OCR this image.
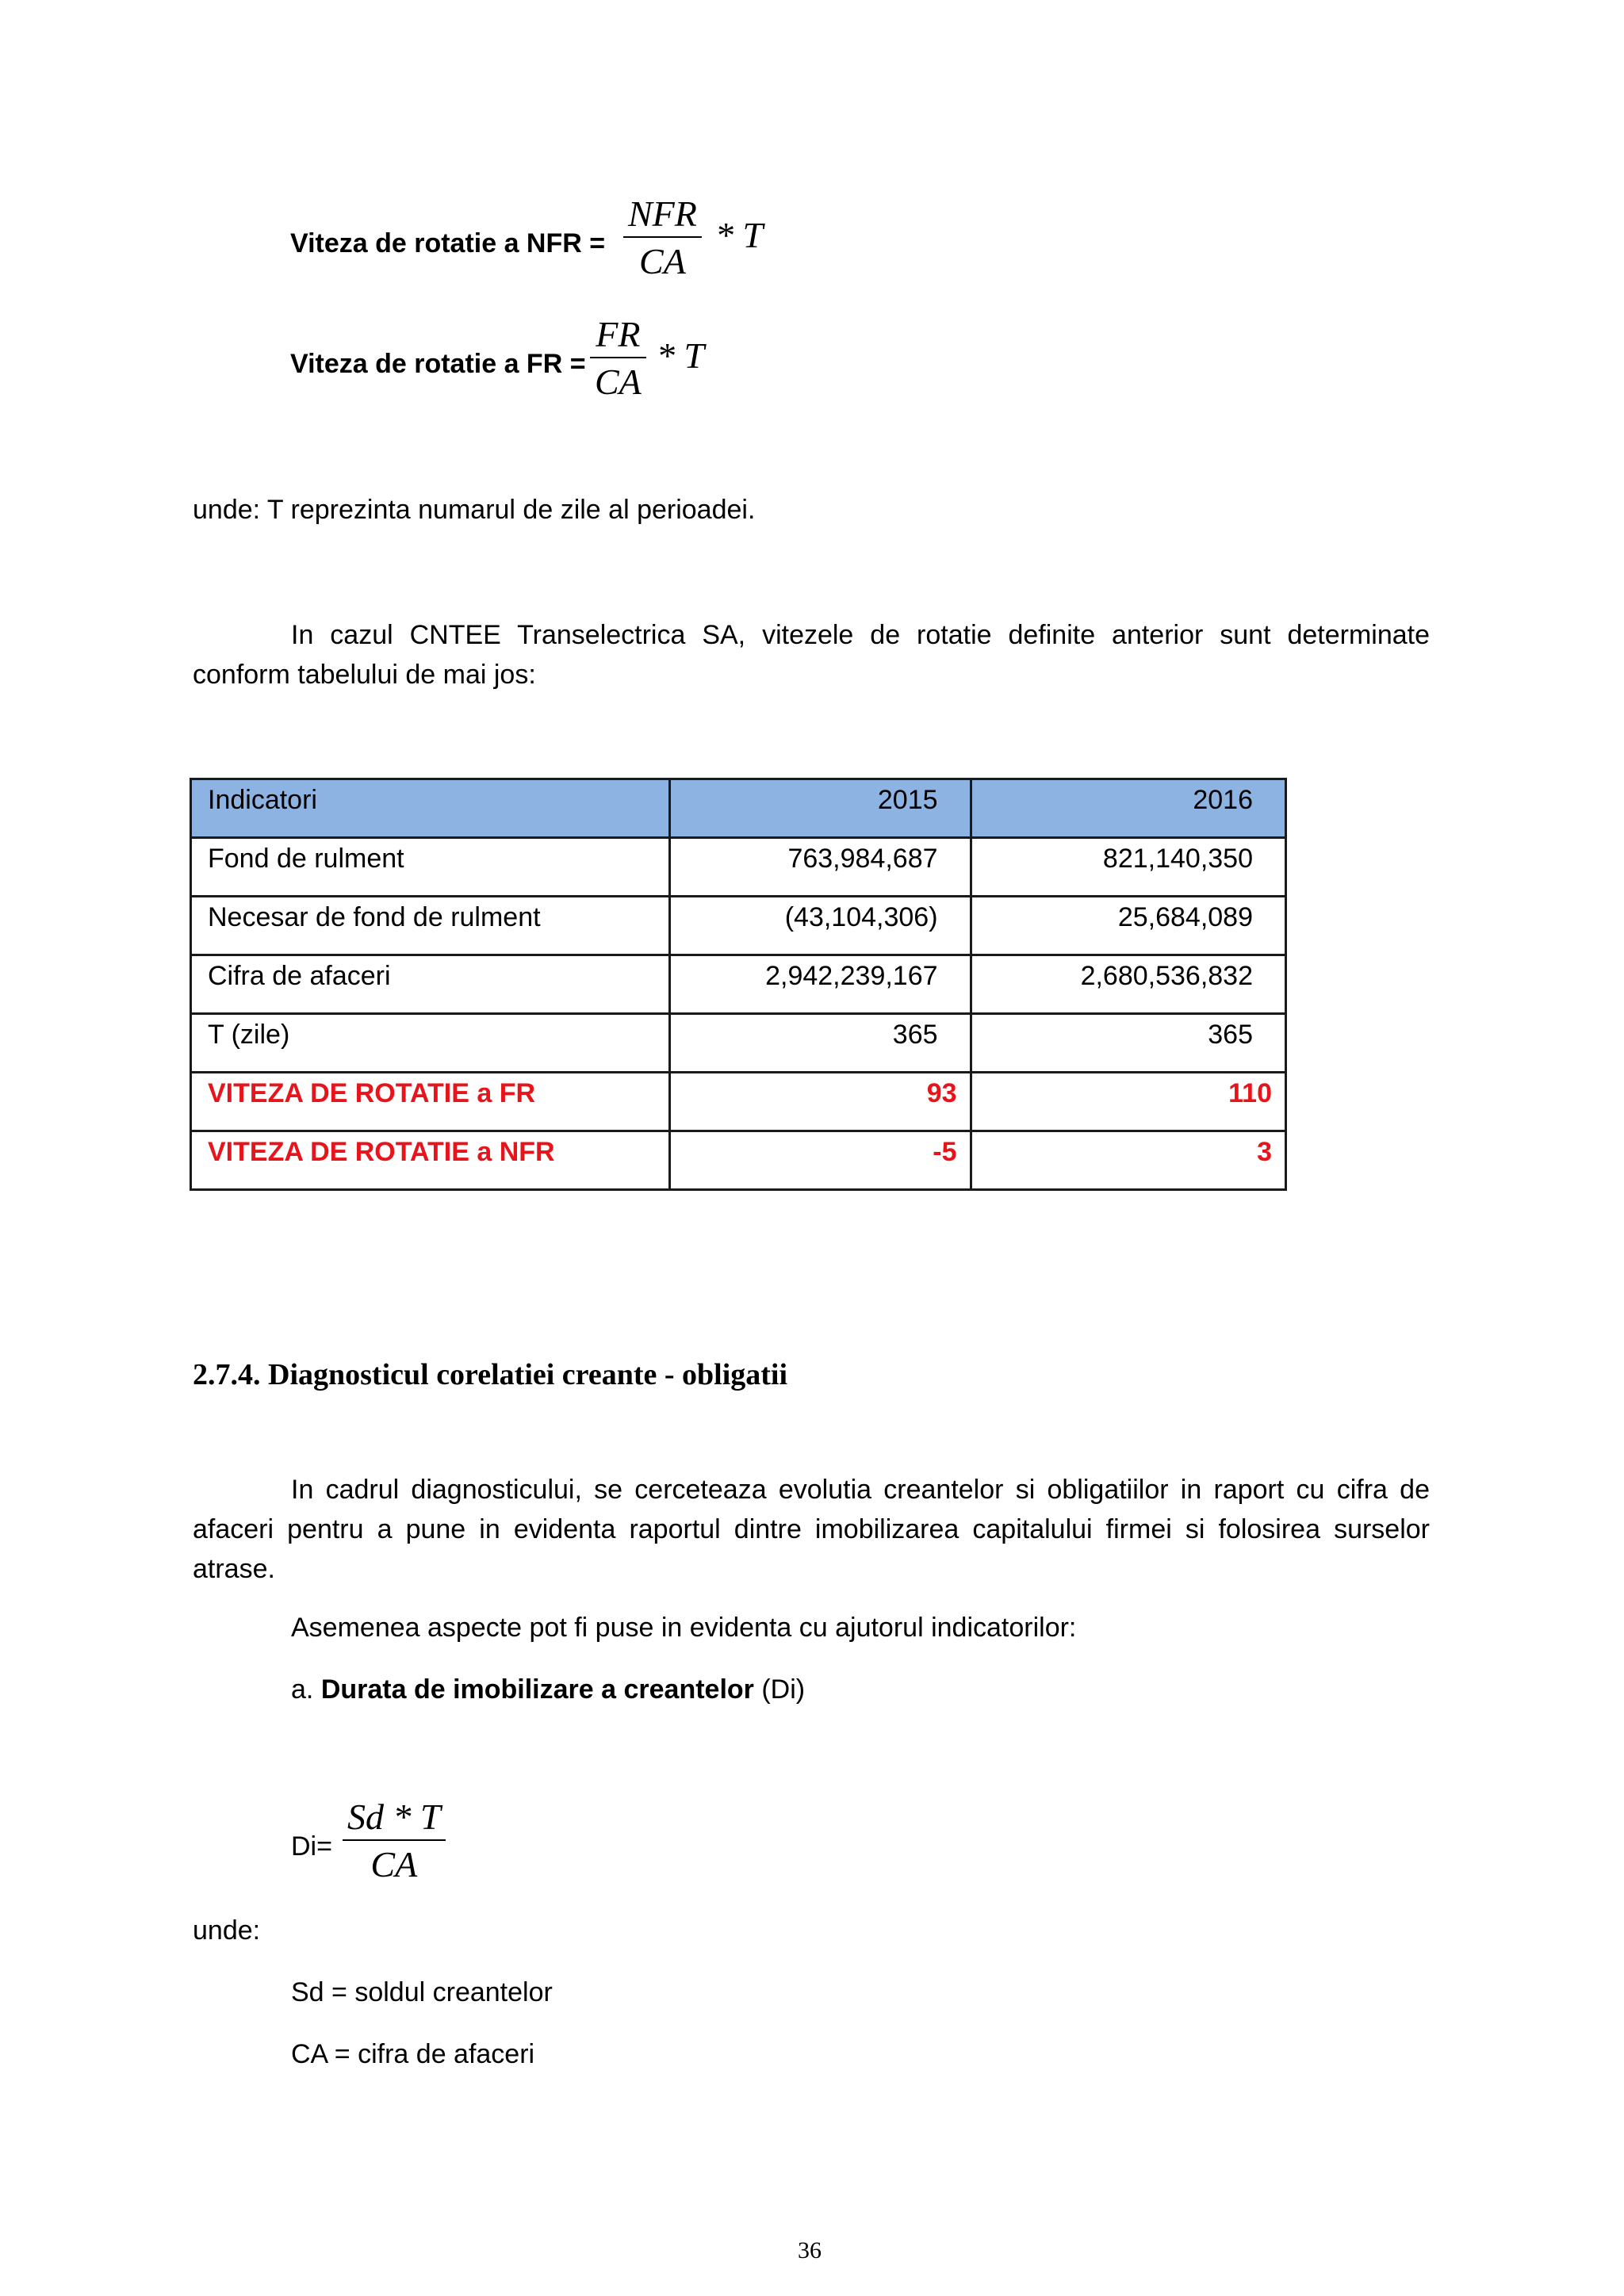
Viteza de rotatie a NFR =
NFR
CA
* T
Viteza de rotatie a FR =
FR
CA
* T
unde: T reprezinta numarul de zile al perioadei.
In cazul CNTEE Transelectrica SA, vitezele de rotatie definite anterior sunt determinate conform tabelului de mai jos:
Indicatori	2015	2016
Fond de rulment	763,984,687	821,140,350
Necesar de fond de rulment	(43,104,306)	25,684,089
Cifra de afaceri	2,942,239,167	2,680,536,832
T (zile)	365	365
VITEZA DE ROTATIE a FR	93	110
VITEZA DE ROTATIE a NFR	-5	3
2.7.4. Diagnosticul corelatiei creante - obligatii
In cadrul diagnosticului, se cerceteaza evolutia creantelor si obligatiilor in raport cu cifra de afaceri pentru a pune in evidenta raportul dintre imobilizarea capitalului firmei si folosirea surselor atrase.
Asemenea aspecte pot fi puse in evidenta cu ajutorul indicatorilor:
a. Durata de imobilizare a creantelor (Di)
Di=
Sd * T
CA
unde:
Sd = soldul creantelor
CA = cifra de afaceri
36
